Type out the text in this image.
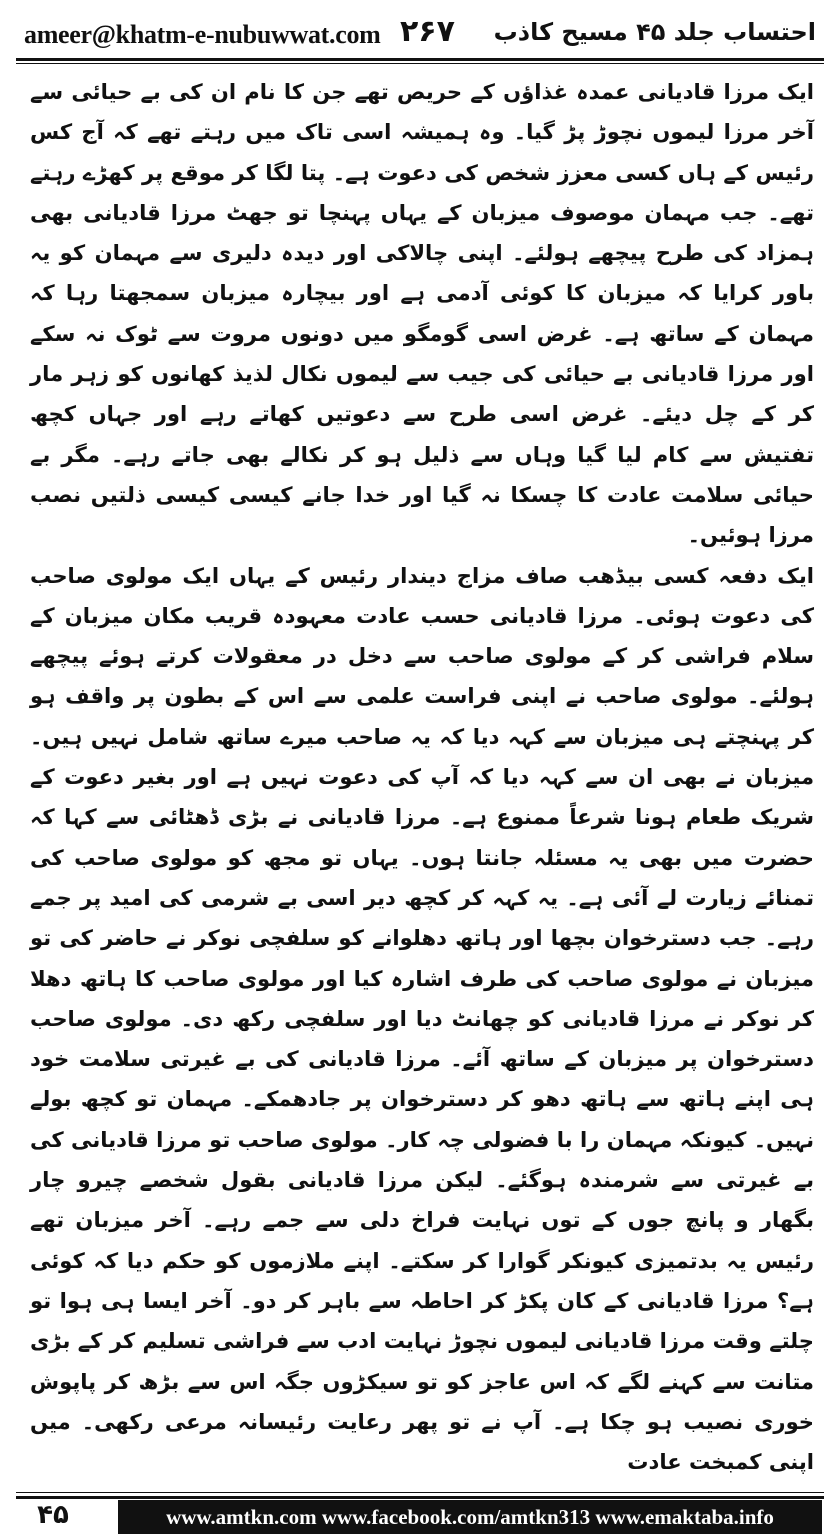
ameer@khatm-e-nubuwwat.com ۲۶۷ احتساب جلد ۴۵ مسیح کاذب

ایک مرزا قادیانی عمدہ غذاؤں کے حریص تھے جن کا نام ان کی بے حیائی سے آخر مرزا لیموں نچوڑ پڑ گیا۔ وہ ہمیشہ اسی تاک میں رہتے تھے کہ آج کس رئیس کے ہاں کسی معزز شخص کی دعوت ہے۔ پتا لگا کر موقع پر کھڑے رہتے تھے۔ جب مہمان موصوف میزبان کے یہاں پہنچا تو جھٹ مرزا قادیانی بھی ہمزاد کی طرح پیچھے ہولئے۔ اپنی چالاکی اور دیدہ دلیری سے مہمان کو یہ باور کرایا کہ میزبان کا کوئی آدمی ہے اور بیچارہ میزبان سمجھتا رہا کہ مہمان کے ساتھ ہے۔ غرض اسی گومگو میں دونوں مروت سے ٹوک نہ سکے اور مرزا قادیانی بے حیائی کی جیب سے لیموں نکال لذیذ کھانوں کو زہر مار کر کے چل دیئے۔ غرض اسی طرح سے دعوتیں کھاتے رہے اور جہاں کچھ تفتیش سے کام لیا گیا وہاں سے ذلیل ہو کر نکالے بھی جاتے رہے۔ مگر بے حیائی سلامت عادت کا چسکا نہ گیا اور خدا جانے کیسی کیسی ذلتیں نصب مرزا ہوئیں۔

ایک دفعہ کسی بیڈھب صاف مزاج دیندار رئیس کے یہاں ایک مولوی صاحب کی دعوت ہوئی۔ مرزا قادیانی حسب عادت معہودہ قریب مکان میزبان کے سلام فراشی کر کے مولوی صاحب سے دخل در معقولات کرتے ہوئے پیچھے ہولئے۔ مولوی صاحب نے اپنی فراست علمی سے اس کے بطون پر واقف ہو کر پہنچتے ہی میزبان سے کہہ دیا کہ یہ صاحب میرے ساتھ شامل نہیں ہیں۔ میزبان نے بھی ان سے کہہ دیا کہ آپ کی دعوت نہیں ہے اور بغیر دعوت کے شریک طعام ہونا شرعاً ممنوع ہے۔ مرزا قادیانی نے بڑی ڈھٹائی سے کہا کہ حضرت میں بھی یہ مسئلہ جانتا ہوں۔ یہاں تو مجھ کو مولوی صاحب کی تمنائے زیارت لے آئی ہے۔ یہ کہہ کر کچھ دیر اسی بے شرمی کی امید پر جمے رہے۔ جب دسترخوان بچھا اور ہاتھ دھلوانے کو سلفچی نوکر نے حاضر کی تو میزبان نے مولوی صاحب کی طرف اشارہ کیا اور مولوی صاحب کا ہاتھ دھلا کر نوکر نے مرزا قادیانی کو چھانٹ دیا اور سلفچی رکھ دی۔ مولوی صاحب دسترخوان پر میزبان کے ساتھ آئے۔ مرزا قادیانی کی بے غیرتی سلامت خود ہی اپنے ہاتھ سے ہاتھ دھو کر دسترخوان پر جادھمکے۔ مہمان تو کچھ بولے نہیں۔ کیونکہ مہمان را با فضولی چہ کار۔ مولوی صاحب تو مرزا قادیانی کی بے غیرتی سے شرمندہ ہوگئے۔ لیکن مرزا قادیانی بقول شخصے چیرو چار بگھار و پانچ جوں کے توں نہایت فراخ دلی سے جمے رہے۔ آخر میزبان تھے رئیس یہ بدتمیزی کیونکر گوارا کر سکتے۔ اپنے ملازموں کو حکم دیا کہ کوئی ہے؟ مرزا قادیانی کے کان پکڑ کر احاطہ سے باہر کر دو۔ آخر ایسا ہی ہوا تو چلتے وقت مرزا قادیانی لیموں نچوڑ نہایت ادب سے فراشی تسلیم کر کے بڑی متانت سے کہنے لگے کہ اس عاجز کو تو سیکڑوں جگہ اس سے بڑھ کر پاپوش خوری نصیب ہو چکا ہے۔ آپ نے تو پھر رعایت رئیسانہ مرعی رکھی۔ میں اپنی کمبخت عادت

۴۵	www.amtkn.com www.facebook.com/amtkn313 www.emaktaba.info
